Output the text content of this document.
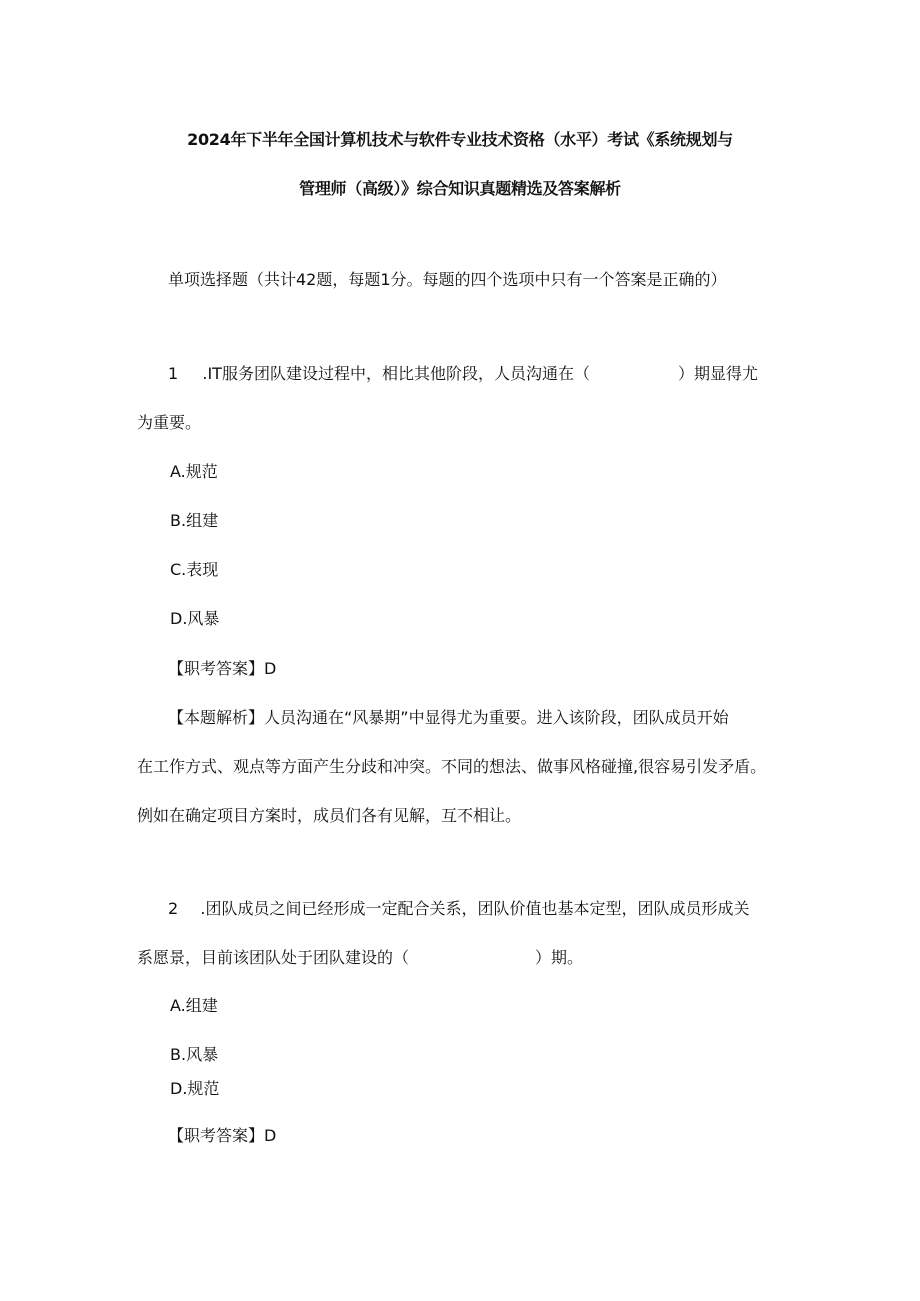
2024年下半年全国计算机技术与软件专业技术资格（水平）考试《系统规划与
管理师（高级）》综合知识真题精选及答案解析
单项选择题（共计42题，每题1分。每题的四个选项中只有一个答案是正确的）
1 .IT服务团队建设过程中，相比其他阶段，人员沟通在（	）期显得尤
为重要。
A.规范
B.组建
C.表现
D.风暴
【职考答案】D
【本题解析】人员沟通在“风暴期”中显得尤为重要。进入该阶段，团队成员开始
在工作方式、观点等方面产生分歧和冲突。不同的想法、做事风格碰撞,很容易引发矛盾。
例如在确定项目方案时，成员们各有见解，互不相让。
2 .团队成员之间已经形成一定配合关系，团队价值也基本定型，团队成员形成关
系愿景，目前该团队处于团队建设的（	）期。
A.组建
B.风暴
D.规范
【职考答案】D
